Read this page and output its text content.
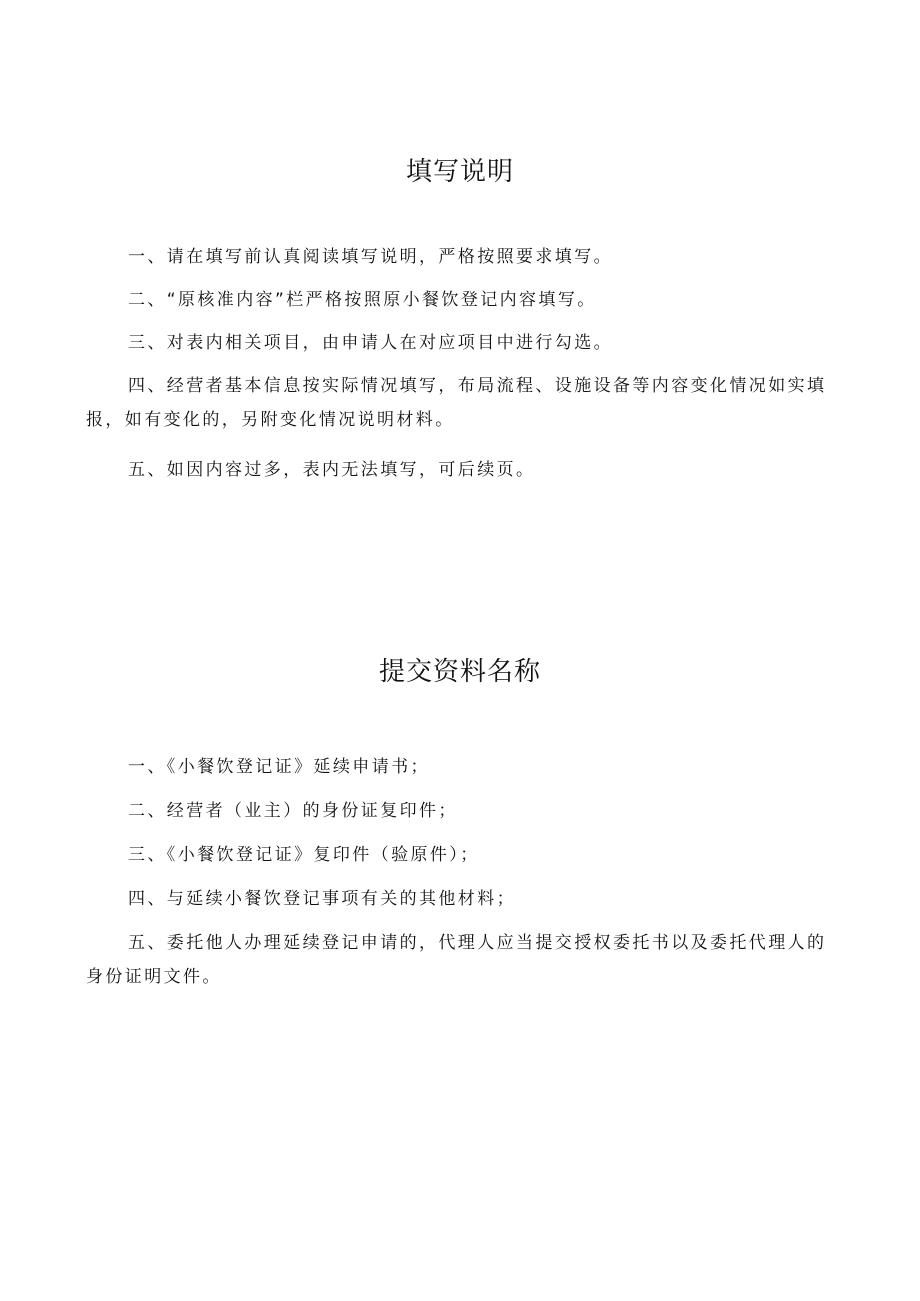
填写说明

一、请在填写前认真阅读填写说明，严格按照要求填写。

二、“原核准内容”栏严格按照原小餐饮登记内容填写。

三、对表内相关项目，由申请人在对应项目中进行勾选。

四、经营者基本信息按实际情况填写，布局流程、设施设备等内容变化情况如实填报，如有变化的，另附变化情况说明材料。

五、如因内容过多，表内无法填写，可后续页。

提交资料名称

一、《小餐饮登记证》延续申请书；

二、经营者（业主）的身份证复印件；

三、《小餐饮登记证》复印件（验原件）；

四、与延续小餐饮登记事项有关的其他材料；

五、委托他人办理延续登记申请的，代理人应当提交授权委托书以及委托代理人的身份证明文件。
